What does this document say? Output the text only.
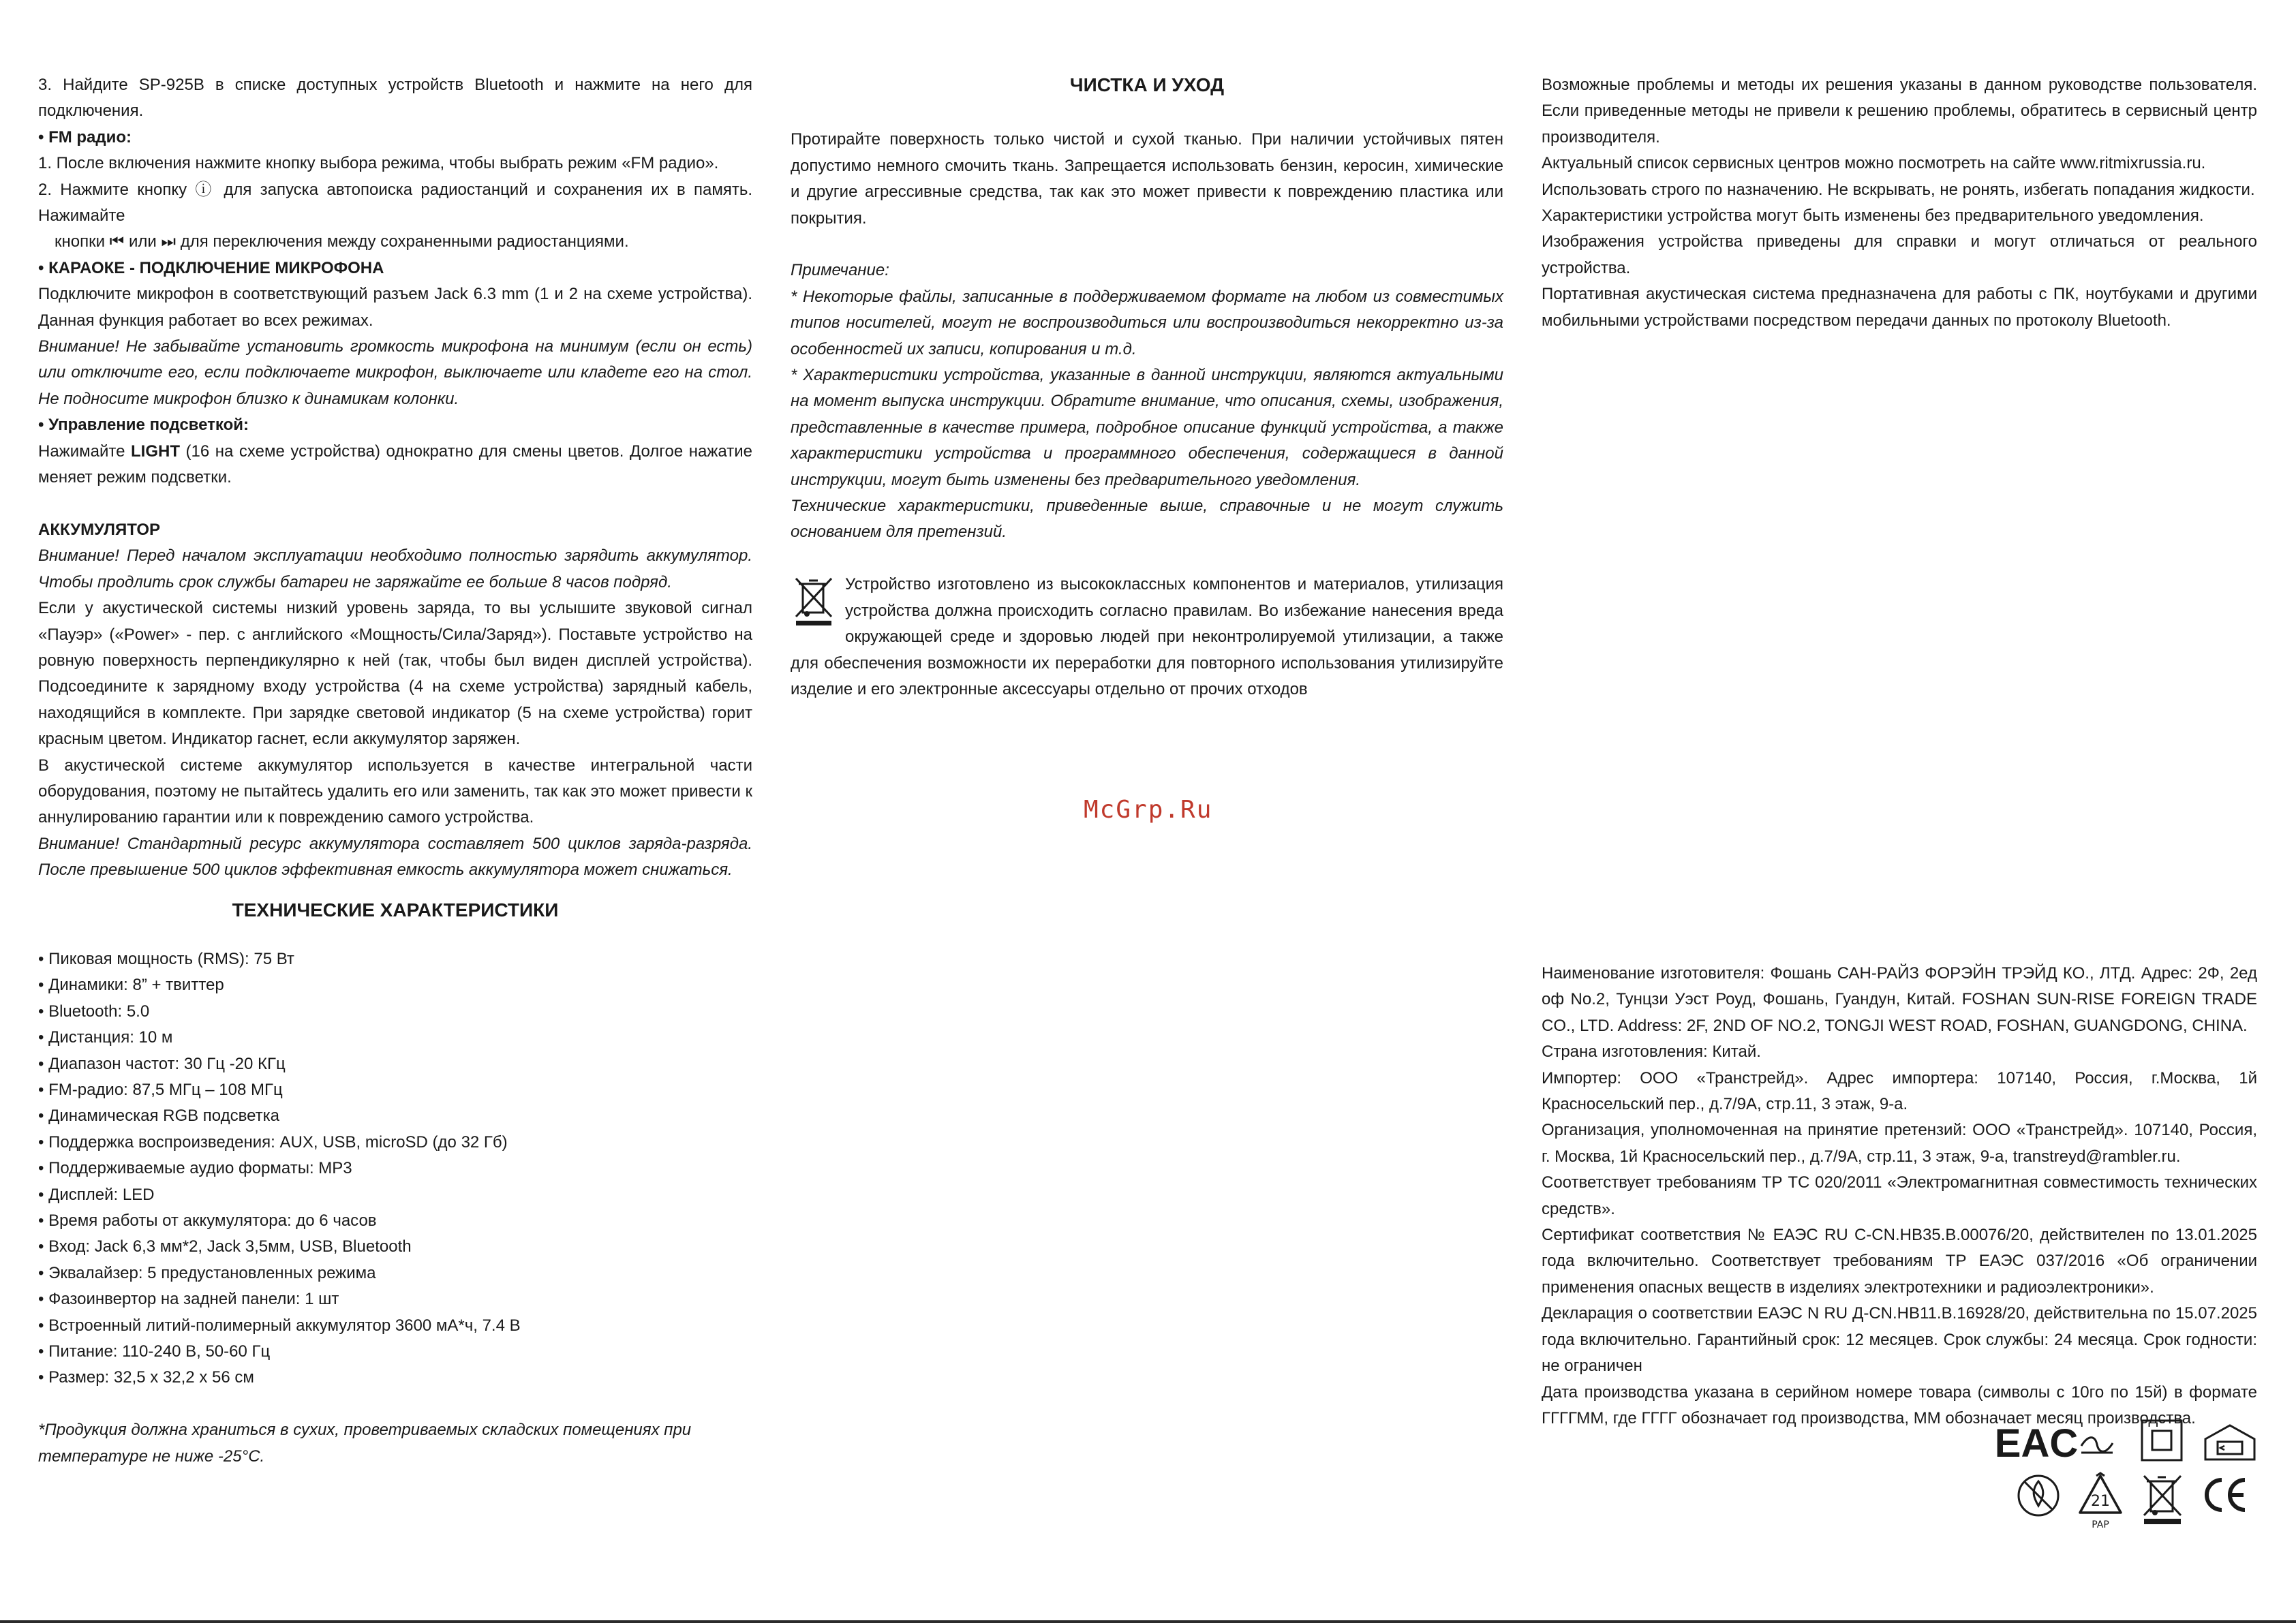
3. Найдите SP-925B в списке доступных устройств Bluetooth и нажмите на него для подключения.

• FM радио:

1. После включения нажмите кнопку выбора режима, чтобы выбрать режим «FM радио».

2. Нажмите кнопку ⓘ для запуска автопоиска радиостанций и сохранения их в память. Нажимайте

кнопки ⏮ или ⏭ для переключения между сохраненными радиостанциями.

• КАРАОКЕ - ПОДКЛЮЧЕНИЕ МИКРОФОНА

Подключите микрофон в соответствующий разъем Jack 6.3 mm (1 и 2 на схеме устройства). Данная функция работает во всех режимах.

Внимание! Не забывайте установить громкость микрофона на минимум (если он есть) или отключите его, если подключаете микрофон, выключаете или кладете его на стол. Не подносите микрофон близко к динамикам колонки.

• Управление подсветкой:

Нажимайте LIGHT (16 на схеме устройства) однократно для смены цветов. Долгое нажатие меняет режим подсветки.

АККУМУЛЯТОР

Внимание! Перед началом эксплуатации необходимо полностью зарядить аккумулятор. Чтобы продлить срок службы батареи не заряжайте ее больше 8 часов подряд.

Если у акустической системы низкий уровень заряда, то вы услышите звуковой сигнал «Пауэр» («Power» - пер. с английского «Мощность/Сила/Заряд»). Поставьте устройство на ровную поверхность перпендикулярно к ней (так, чтобы был виден дисплей устройства). Подсоедините к зарядному входу устройства (4 на схеме устройства) зарядный кабель, находящийся в комплекте. При зарядке световой индикатор (5 на схеме устройства) горит красным цветом. Индикатор гаснет, если аккумулятор заряжен.

В акустической системе аккумулятор используется в качестве интегральной части оборудования, поэтому не пытайтесь удалить его или заменить, так как это может привести к аннулированию гарантии или к повреждению самого устройства.

Внимание! Стандартный ресурс аккумулятора составляет 500 циклов заряда-разряда. После превышение 500 циклов эффективная емкость аккумулятора может снижаться.

ТЕХНИЧЕСКИЕ ХАРАКТЕРИСТИКИ

• Пиковая мощность (RMS): 75 Вт

• Динамики: 8” + твиттер

• Bluetooth: 5.0

• Дистанция: 10 м

• Диапазон частот: 30 Гц -20 КГц

• FM-радио: 87,5 МГц – 108 МГц

• Динамическая RGB подсветка

• Поддержка воспроизведения: AUX, USB, microSD (до 32 Гб)

• Поддерживаемые аудио форматы: MP3

• Дисплей: LED

• Время работы от аккумулятора: до 6 часов

• Вход: Jack 6,3 мм*2, Jack 3,5мм, USB, Bluetooth

• Эквалайзер: 5 предустановленных режима

• Фазоинвертор на задней панели: 1 шт

• Встроенный литий-полимерный аккумулятор 3600 мА*ч, 7.4 В

• Питание: 110-240 В, 50-60 Гц

• Размер: 32,5 х 32,2 х 56 см

*Продукция должна храниться в сухих, проветриваемых складских помещениях при температуре не ниже -25°С.

ЧИСТКА И УХОД

Протирайте поверхность только чистой и сухой тканью. При наличии устойчивых пятен допустимо немного смочить ткань. Запрещается использовать бензин, керосин, химические и другие агрессивные средства, так как это может привести к повреждению пластика или покрытия.

Примечание:

* Некоторые файлы, записанные в поддерживаемом формате на любом из совместимых типов носителей, могут не воспроизводиться или воспроизводиться некорректно из-за особенностей их записи, копирования и т.д.

* Характеристики устройства, указанные в данной инструкции, являются актуальными на момент выпуска инструкции. Обратите внимание, что описания, схемы, изображения, представленные в качестве примера, подробное описание функций устройства, а также характеристики устройства и программного обеспечения, содержащиеся в данной инструкции, могут быть изменены без предварительного уведомления.

Технические характеристики, приведенные выше, справочные и не могут служить основанием для претензий.

Устройство изготовлено из высококлассных компонентов и материалов, утилизация устройства должна происходить согласно правилам. Во избежание нанесения вреда окружающей среде и здоровью людей при неконтролируемой утилизации, а также для обеспечения возможности их переработки для повторного использования утилизируйте изделие и его электронные аксессуары отдельно от прочих отходов

McGrp.Ru

Возможные проблемы и методы их решения указаны в данном руководстве пользователя. Если приведенные методы не привели к решению проблемы, обратитесь в сервисный центр производителя.

Актуальный список сервисных центров можно посмотреть на сайте www.ritmixrussia.ru.

Использовать строго по назначению. Не вскрывать, не ронять, избегать попадания жидкости.

Характеристики устройства могут быть изменены без предварительного уведомления.

Изображения устройства приведены для справки и могут отличаться от реального устройства.

Портативная акустическая система предназначена для работы с ПК, ноутбуками и другими мобильными устройствами посредством передачи данных по протоколу Bluetooth.

Наименование изготовителя: Фошань САН-РАЙЗ ФОРЭЙН ТРЭЙД КО., ЛТД. Адрес: 2Ф, 2ед оф No.2, Тунцзи Уэст Роуд, Фошань, Гуандун, Китай. FOSHAN SUN-RISE FOREIGN TRADE CO., LTD. Address: 2F, 2ND OF NO.2, TONGJI WEST ROAD, FOSHAN, GUANGDONG, CHINA.

Страна изготовления: Китай.

Импортер: ООО «Транстрейд». Адрес импортера: 107140, Россия, г.Москва, 1й Красносельский пер., д.7/9А, стр.11, 3 этаж, 9-а.

Организация, уполномоченная на принятие претензий: ООО «Транстрейд». 107140, Россия, г. Москва, 1й Красносельский пер., д.7/9А, стр.11, 3 этаж, 9-а, transtreyd@rambler.ru.

Соответствует требованиям ТР ТС 020/2011 «Электромагнитная совместимость технических средств».

Сертификат соответствия № ЕАЭС RU С-CN.НВ35.В.00076/20, действителен по 13.01.2025 года включительно. Соответствует требованиям ТР ЕАЭС 037/2016 «Об ограничении применения опасных веществ в изделиях электротехники и радиоэлектроники».

Декларация о соответствии ЕАЭС N RU Д-CN.НВ11.В.16928/20, действительна по 15.07.2025 года включительно. Гарантийный срок: 12 месяцев. Срок службы: 24 месяца. Срок годности: не ограничен

Дата производства указана в серийном номере товара (символы с 10го по 15й) в формате ГГГГММ, где ГГГГ обозначает год производства, ММ обозначает месяц производства.

EAC
21
PAP
